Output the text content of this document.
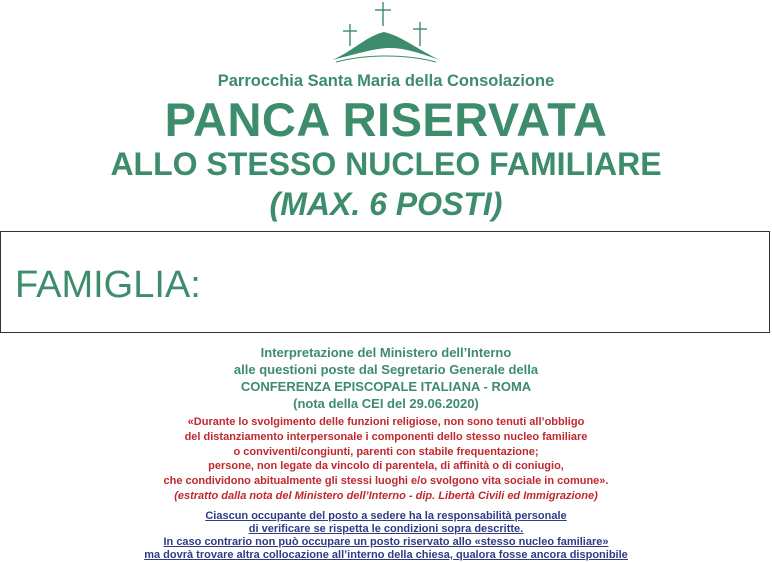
Parrocchia Santa Maria della Consolazione
PANCA RISERVATA
ALLO STESSO NUCLEO FAMILIARE
(MAX. 6 POSTI)
FAMIGLIA:
Interpretazione del Ministero dell’Interno
alle questioni poste dal Segretario Generale della
CONFERENZA EPISCOPALE ITALIANA - ROMA
(nota della CEI del 29.06.2020)
«Durante lo svolgimento delle funzioni religiose, non sono tenuti all’obbligo
del distanziamento interpersonale i componenti dello stesso nucleo familiare
o conviventi/congiunti, parenti con stabile frequentazione;
persone, non legate da vincolo di parentela, di affinità o di coniugio,
che condividono abitualmente gli stessi luoghi e/o svolgono vita sociale in comune».
(estratto dalla nota del Ministero dell’Interno - dip. Libertà Civili ed Immigrazione)
Ciascun occupante del posto a sedere ha la responsabilità personale
di verificare se rispetta le condizioni sopra descritte.
In caso contrario non può occupare un posto riservato allo «stesso nucleo familiare»
ma dovrà trovare altra collocazione all’interno della chiesa, qualora fosse ancora disponibile
